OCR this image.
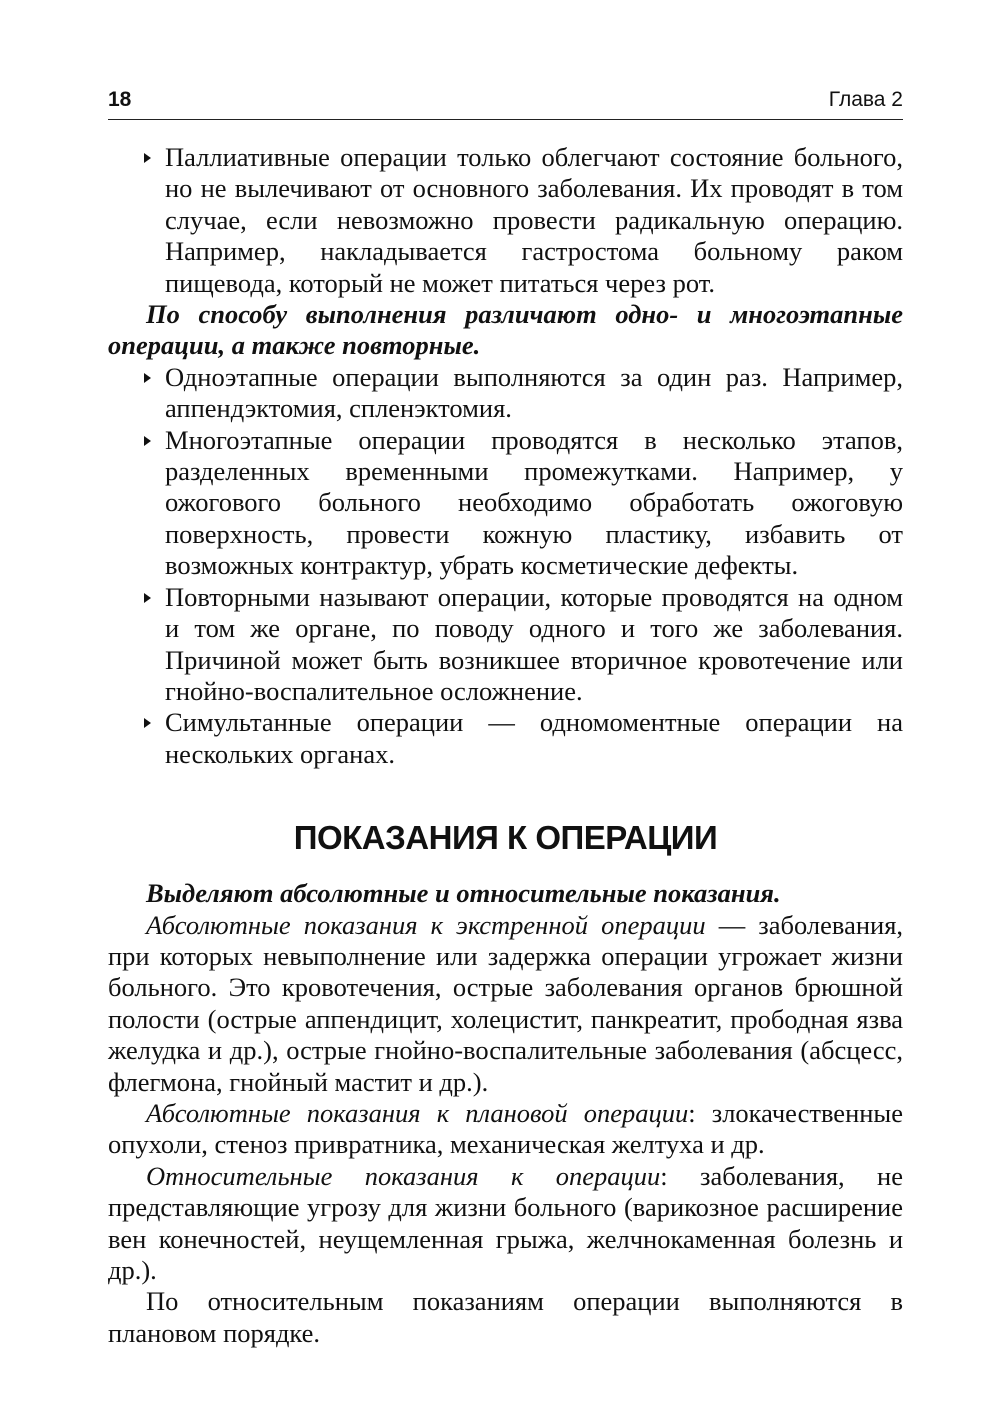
18	Глава 2
Паллиативные операции только облегчают состояние больного, но не вылечивают от основного заболевания. Их проводят в том случае, если невозможно провести радикальную операцию. Например, накладывается гастростома больному раком пищевода, который не может питаться через рот.

По способу выполнения различают одно- и многоэтапные операции, а также повторные.

Одноэтапные операции выполняются за один раз. Например, аппендэктомия, спленэктомия.
Многоэтапные операции проводятся в несколько этапов, разделенных временными промежутками. Например, у ожогового больного необходимо обработать ожоговую поверхность, провести кожную пластику, избавить от возможных контрактур, убрать косметические дефекты.
Повторными называют операции, которые проводятся на одном и том же органе, по поводу одного и того же заболевания. Причиной может быть возникшее вторичное кровотечение или гнойно-воспалительное осложнение.
Симультанные операции — одномоментные операции на нескольких органах.
ПОКАЗАНИЯ К ОПЕРАЦИИ

Выделяют абсолютные и относительные показания.

Абсолютные показания к экстренной операции — заболевания, при которых невыполнение или задержка операции угрожает жизни больного. Это кровотечения, острые заболевания органов брюшной полости (острые аппендицит, холецистит, панкреатит, прободная язва желудка и др.), острые гнойно-воспалительные заболевания (абсцесс, флегмона, гнойный мастит и др.).

Абсолютные показания к плановой операции: злокачественные опухоли, стеноз привратника, механическая желтуха и др.

Относительные показания к операции: заболевания, не представляющие угрозу для жизни больного (варикозное расширение вен конечностей, неущемленная грыжа, желчнокаменная болезнь и др.).

По относительным показаниям операции выполняются в плановом порядке.
